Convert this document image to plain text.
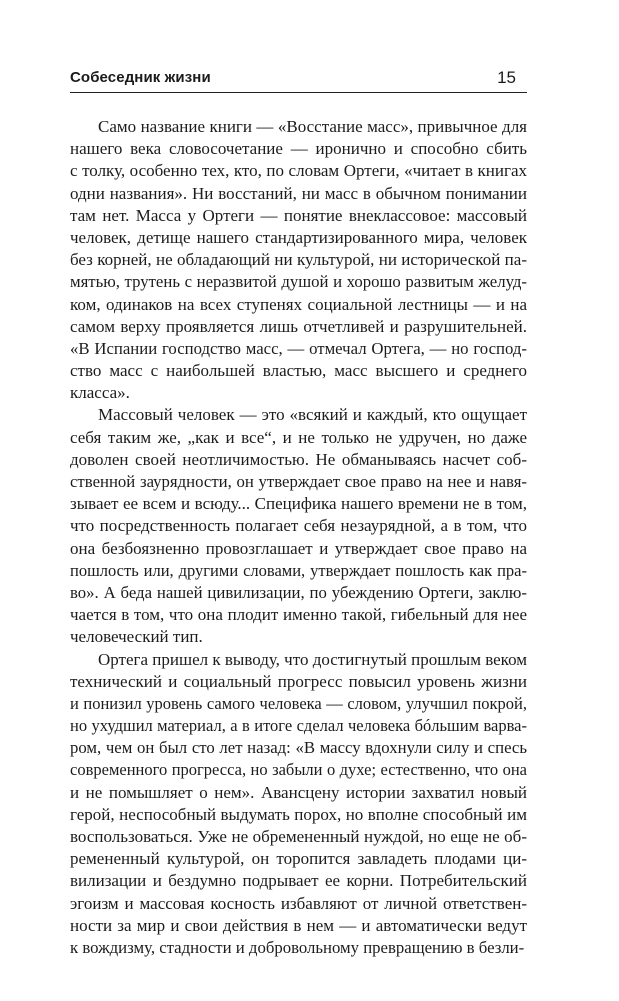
Собеседник жизни	15
Само название книги — «Восстание масс», привычное для
нашего века словосочетание — иронично и способно сбить
с толку, особенно тех, кто, по словам Ортеги, «читает в книгах
одни названия». Ни восстаний, ни масс в обычном понимании
там нет. Масса у Ортеги — понятие внеклассовое: массовый
человек, детище нашего стандартизированного мира, человек
без корней, не обладающий ни культурой, ни исторической па-
мятью, трутень с неразвитой душой и хорошо развитым желуд-
ком, одинаков на всех ступенях социальной лестницы — и на
самом верху проявляется лишь отчетливей и разрушительней.
«В Испании господство масс, — отмечал Ортега, — но господ-
ство масс с наибольшей властью, масс высшего и среднего
класса».
Массовый человек — это «всякий и каждый, кто ощущает
себя таким же, „как и все“, и не только не удручен, но даже
доволен своей неотличимостью. Не обманываясь насчет соб-
ственной заурядности, он утверждает свое право на нее и навя-
зывает ее всем и всюду... Специфика нашего времени не в том,
что посредственность полагает себя незаурядной, а в том, что
она безбоязненно провозглашает и утверждает свое право на
пошлость или, другими словами, утверждает пошлость как пра-
во». А беда нашей цивилизации, по убеждению Ортеги, заклю-
чается в том, что она плодит именно такой, гибельный для нее
человеческий тип.
Ортега пришел к выводу, что достигнутый прошлым веком
технический и социальный прогресс повысил уровень жизни
и понизил уровень самого человека — словом, улучшил покрой,
но ухудшил материал, а в итоге сделал человека бóльшим варва-
ром, чем он был сто лет назад: «В массу вдохнули силу и спесь
современного прогресса, но забыли о духе; естественно, что она
и не помышляет о нем». Авансцену истории захватил новый
герой, неспособный выдумать порох, но вполне способный им
воспользоваться. Уже не обремененный нуждой, но еще не об-
ремененный культурой, он торопится завладеть плодами ци-
вилизации и бездумно подрывает ее корни. Потребительский
эгоизм и массовая косность избавляют от личной ответствен-
ности за мир и свои действия в нем — и автоматически ведут
к вождизму, стадности и добровольному превращению в безли-
